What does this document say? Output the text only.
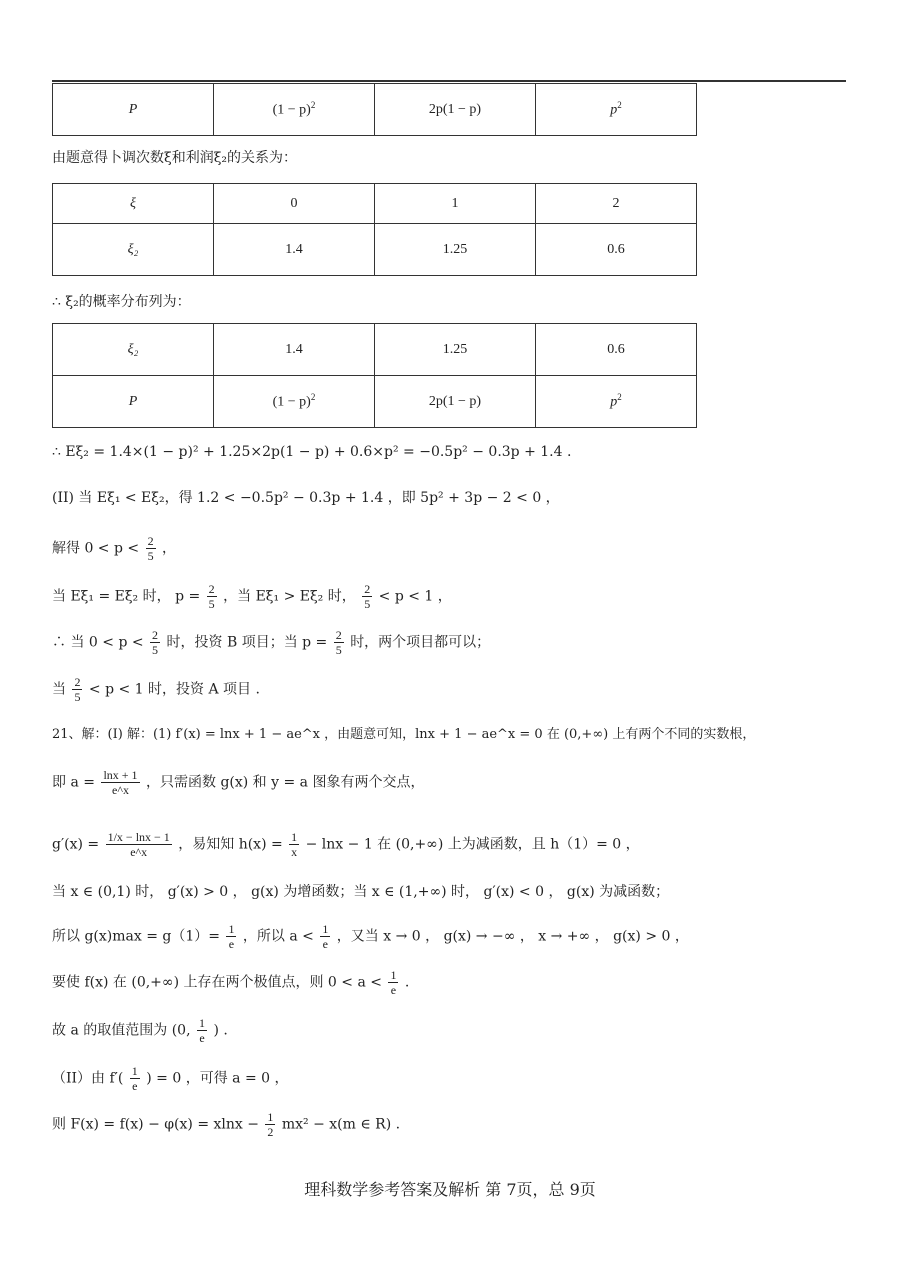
P	$(1 - p)^2$	2p(1 − p)	$p^2$
由题意得卜调次数ξ和利润ξ₂的关系为：
ξ	0	1	2
ξ₂	1.4	1.25	0.6
∴ ξ₂的概率分布列为：
ξ₂	1.4	1.25	0.6
P	$(1 - p)^2$	2p(1 − p)	$p^2$
∴ Eξ₂ = 1.4×(1 − p)² + 1.25×2p(1 − p) + 0.6×p² = −0.5p² − 0.3p + 1.4 .
(II) 当 Eξ₁ < Eξ₂，得 1.2 < −0.5p² − 0.3p + 1.4 ，即 5p² + 3p − 2 < 0 ，
解得 $0 < p < \frac{2}{5}$ ，
当 Eξ₁ = Eξ₂ 时， $p = \frac{2}{5}$ ，当 Eξ₁ > Eξ₂ 时， $\frac{2}{5} < p < 1$ ，
∴ 当 $0 < p < \frac{2}{5}$ 时，投资 B 项目；当 $p = \frac{2}{5}$ 时，两个项目都可以；
当 $\frac{2}{5} < p < 1$ 时，投资 A 项目 .
21、解：(I) 解：(1) f′(x) = lnx + 1 − ae^x ，由题意可知，lnx + 1 − ae^x = 0 在 (0,+∞) 上有两个不同的实数根，
即 $a = \frac{\ln x + 1}{e\^{}x}$ ，只需函数 g(x) 和 y = a 图象有两个交点，
$g'(x) = \frac{1/x - \ln x - 1}{e\^{}x}$ ，易知知 $h(x) = \frac{1}{x} - \ln x - 1$ 在 (0,+∞) 上为减函数，且 h（1）= 0 ，
当 x ∈ (0,1) 时， g′(x) > 0 ， g(x) 为增函数；当 x ∈ (1,+∞) 时， g′(x) < 0 ， g(x) 为减函数；
所以 $g(x)\max = g(1)= \frac{1}{e}$ ，所以 $a < \frac{1}{e}$ ，又当 x → 0 ， g(x) → −∞ ， x → +∞ ， g(x) > 0 ，
要使 f(x) 在 (0,+∞) 上存在两个极值点，则 $0 < a < \frac{1}{e}$ .
故 a 的取值范围为 (0, $\frac{1}{e}$ ) .
（II）由 $f'( \frac{1}{e}$ ) = 0 ，可得 a = 0 ，
则 $F(x) = f(x) - \varphi(x) = xlnx - \frac{1}{2} mx^2 - x(m$ ∈ R) .
理科数学参考答案及解析 第 7页，总 9页
